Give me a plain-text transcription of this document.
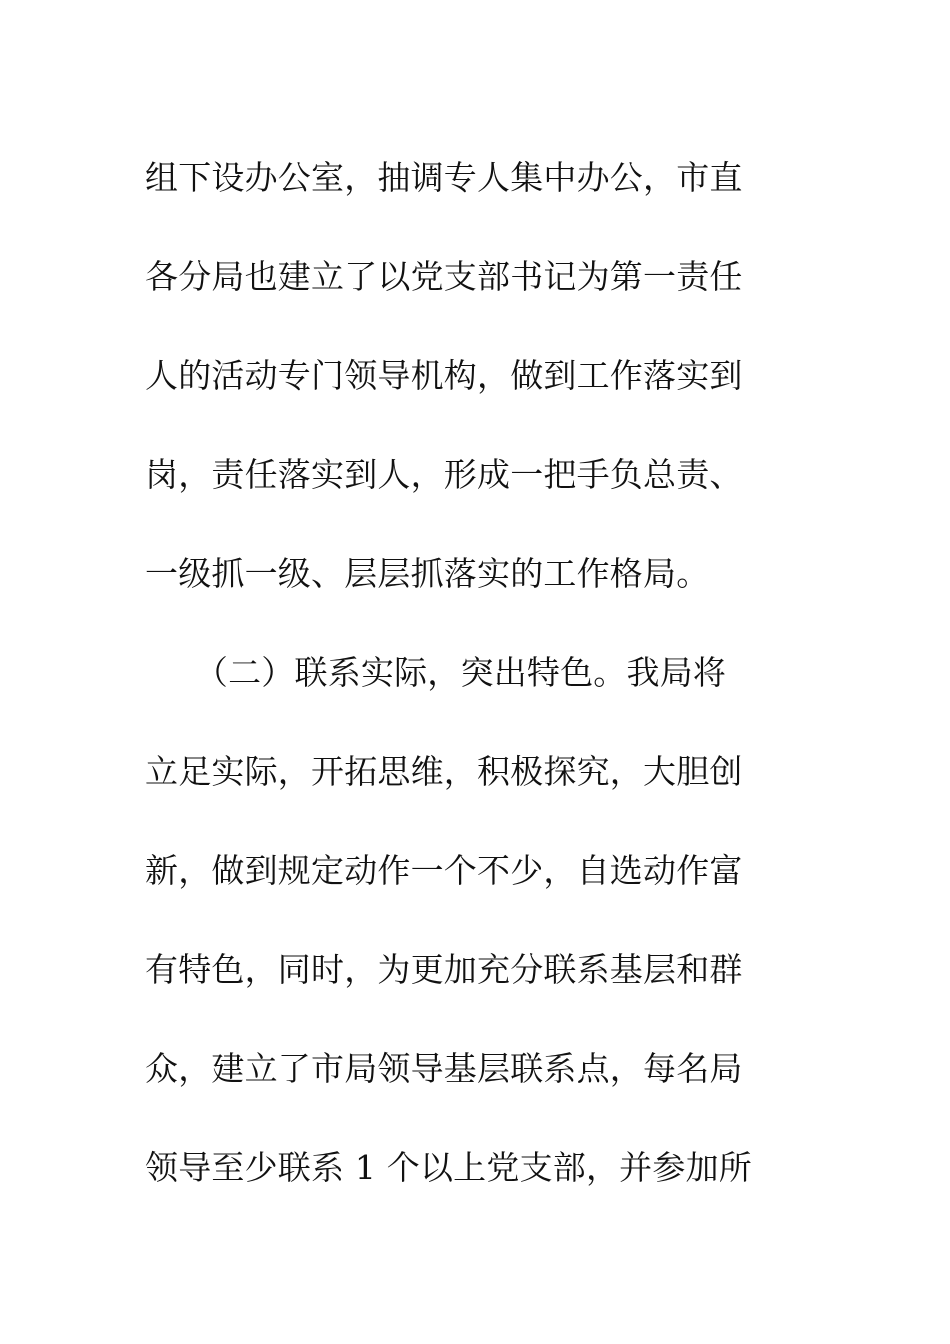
组下设办公室，抽调专人集中办公，市直
各分局也建立了以党支部书记为第一责任
人的活动专门领导机构，做到工作落实到
岗，责任落实到人，形成一把手负总责、
一级抓一级、层层抓落实的工作格局。
　　（二）联系实际，突出特色。我局将
立足实际，开拓思维，积极探究，大胆创
新，做到规定动作一个不少，自选动作富
有特色，同时，为更加充分联系基层和群
众，建立了市局领导基层联系点，每名局
领导至少联系 1 个以上党支部，并参加所
